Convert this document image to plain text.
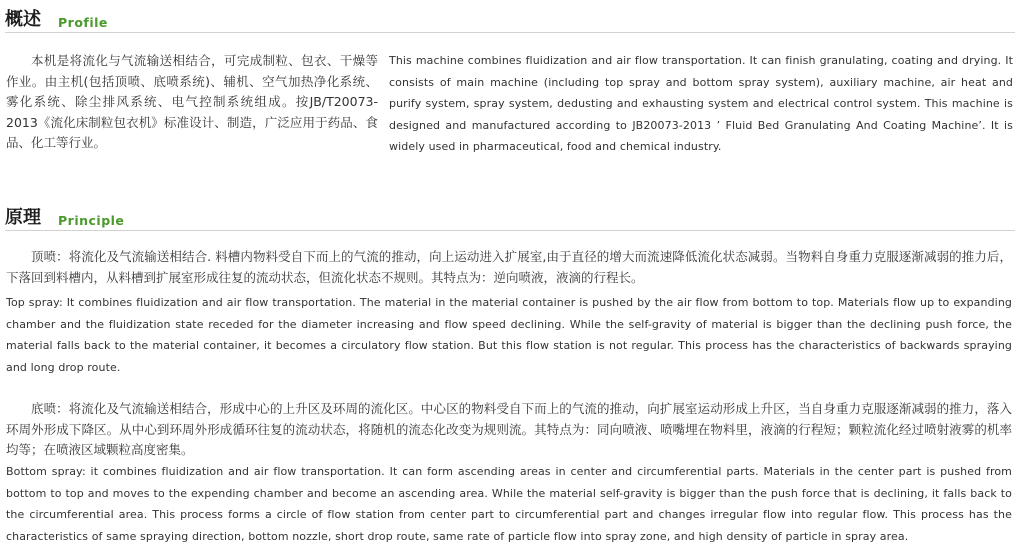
概述 Profile
本机是将流化与气流输送相结合，可完成制粒、包衣、干燥等作业。由主机(包括顶喷、底喷系统)、辅机、空气加热净化系统、雾化系统、除尘排风系统、电气控制系统组成。按JB/T20073-2013《流化床制粒包衣机》标准设计、制造，广泛应用于药品、食品、化工等行业。
This machine combines fluidization and air flow transportation. It can finish granulating, coating and drying. It consists of main machine (including top spray and bottom spray system), auxiliary machine, air heat and purify system, spray system, dedusting and exhausting system and electrical control system. This machine is designed and manufactured according to JB20073-2013 ’ Fluid Bed Granulating And Coating Machine’. It is widely used in pharmaceutical, food and chemical industry.
原理 Principle
顶喷：将流化及气流输送相结合. 料槽内物料受自下而上的气流的推动，向上运动进入扩展室,由于直径的增大而流速降低流化状态减弱。当物料自身重力克服逐渐减弱的推力后，下落回到料槽内，从料槽到扩展室形成往复的流动状态，但流化状态不规则。其特点为：逆向喷液，液滴的行程长。
Top spray: It combines fluidization and air flow transportation. The material in the material container is pushed by the air flow from bottom to top. Materials flow up to expanding chamber and the fluidization state receded for the diameter increasing and flow speed declining. While the self-gravity of material is bigger than the declining push force, the material falls back to the material container, it becomes a circulatory flow station. But this flow station is not regular. This process has the characteristics of backwards spraying and long drop route.
底喷：将流化及气流输送相结合，形成中心的上升区及环周的流化区。中心区的物料受自下而上的气流的推动，向扩展室运动形成上升区，当自身重力克服逐渐减弱的推力，落入环周外形成下降区。从中心到环周外形成循环往复的流动状态，将随机的流态化改变为规则流。其特点为：同向喷液、喷嘴埋在物料里，液滴的行程短；颗粒流化经过喷射液雾的机率均等；在喷液区域颗粒高度密集。
Bottom spray: it combines fluidization and air flow transportation. It can form ascending areas in center and circumferential parts. Materials in the center part is pushed from bottom to top and moves to the expending chamber and become an ascending area. While the material self-gravity is bigger than the push force that is declining, it falls back to the circumferential area. This process forms a circle of flow station from center part to circumferential part and changes irregular flow into regular flow. This process has the characteristics of same spraying direction, bottom nozzle, short drop route, same rate of particle flow into spray zone, and high density of particle in spray area.
